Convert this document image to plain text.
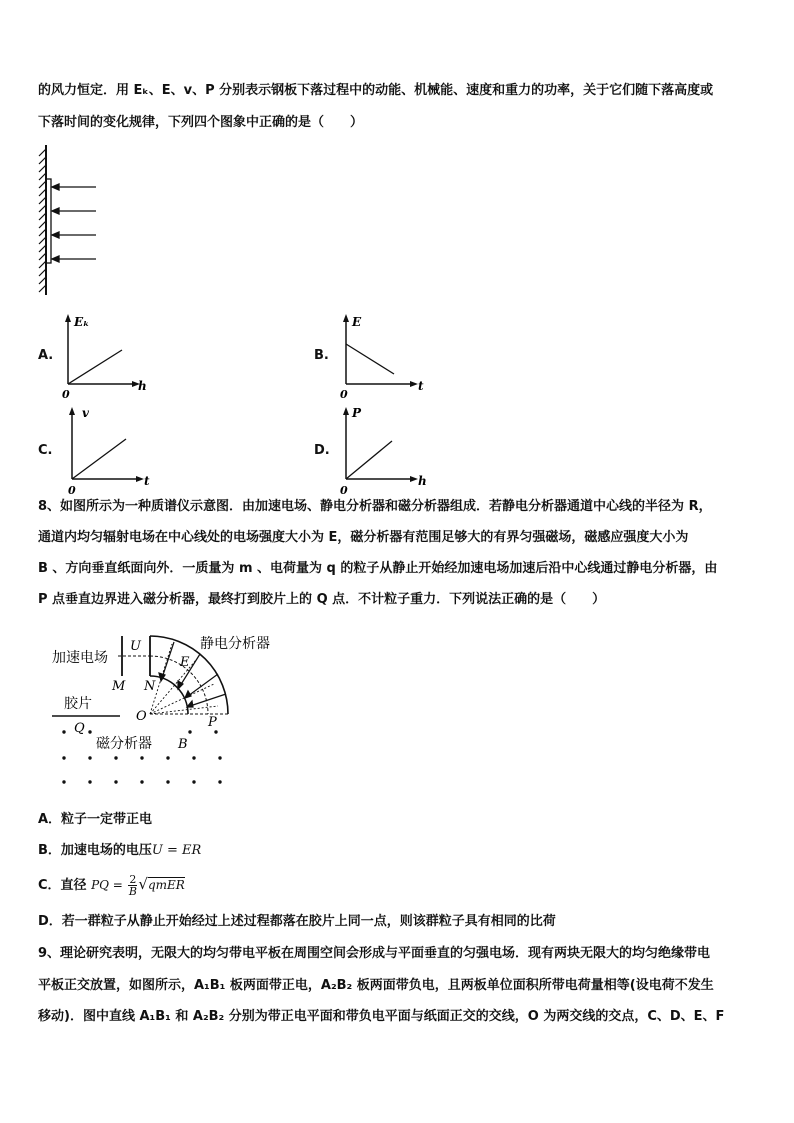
的风力恒定．用 Eₖ、E、v、P 分别表示钢板下落过程中的动能、机械能、速度和重力的功率，关于它们随下落高度或
下落时间的变化规律，下列四个图象中正确的是（　　）
A.
Eₖ
h
0
B.
E
t
0
C.
v
t
0
D.
P
h
0
8、如图所示为一种质谱仪示意图．由加速电场、静电分析器和磁分析器组成．若静电分析器通道中心线的半径为 R，
通道内均匀辐射电场在中心线处的电场强度大小为 E，磁分析器有范围足够大的有界匀强磁场，磁感应强度大小为
B 、方向垂直纸面向外．一质量为 m 、电荷量为 q 的粒子从静止开始经加速电场加速后沿中心线通过静电分析器，由
P 点垂直边界进入磁分析器，最终打到胶片上的 Q 点．不计粒子重力．下列说法正确的是（　　）
加速电场
静电分析器
胶片
磁分析器
U
E
M N
O	P
Q
B
A．粒子一定带正电
B．加速电场的电压U = ER
C．直径 PQ = $\frac{2}{B}$ √qmER
D．若一群粒子从静止开始经过上述过程都落在胶片上同一点，则该群粒子具有相同的比荷
9、理论研究表明，无限大的均匀带电平板在周围空间会形成与平面垂直的匀强电场．现有两块无限大的均匀绝缘带电
平板正交放置，如图所示，A₁B₁ 板两面带正电，A₂B₂ 板两面带负电，且两板单位面积所带电荷量相等(设电荷不发生
移动)．图中直线 A₁B₁ 和 A₂B₂ 分别为带正电平面和带负电平面与纸面正交的交线，O 为两交线的交点，C、D、E、F
